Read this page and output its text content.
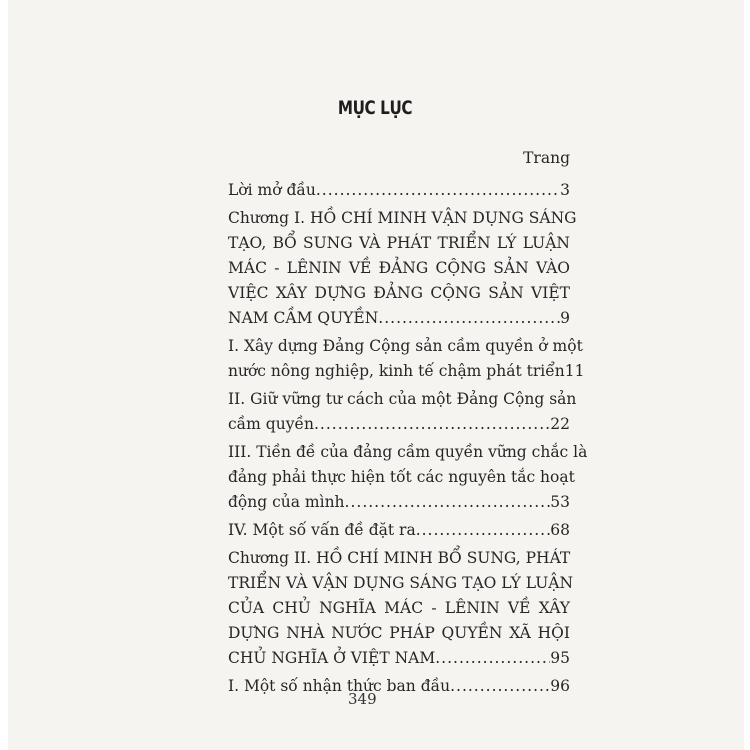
MỤC LỤC
Trang
Lời mở đầu .....	3
Chương I. HỒ CHÍ MINH VẬN DỤNG SÁNG
TẠO, BỔ SUNG VÀ PHÁT TRIỂN LÝ LUẬN
MÁC - LÊNIN VỀ ĐẢNG CỘNG SẢN VÀO
VIỆC XÂY DỰNG ĐẢNG CỘNG SẢN VIỆT
NAM CẦM QUYỀN .....	9
I. Xây dựng Đảng Cộng sản cầm quyền ở một
nước nông nghiệp, kinh tế chậm phát triển 11
II. Giữ vững tư cách của một Đảng Cộng sản
cầm quyền .....	22
III. Tiền đề của đảng cầm quyền vững chắc là
đảng phải thực hiện tốt các nguyên tắc hoạt
động của mình .....	53
IV. Một số vấn đề đặt ra .....	68
Chương II. HỒ CHÍ MINH BỔ SUNG, PHÁT
TRIỂN VÀ VẬN DỤNG SÁNG TẠO LÝ LUẬN
CỦA CHỦ NGHĨA MÁC - LÊNIN VỀ XÂY
DỰNG NHÀ NƯỚC PHÁP QUYỀN XÃ HỘI
CHỦ NGHĨA Ở VIỆT NAM .....	95
I. Một số nhận thức ban đầu .....	96
349
